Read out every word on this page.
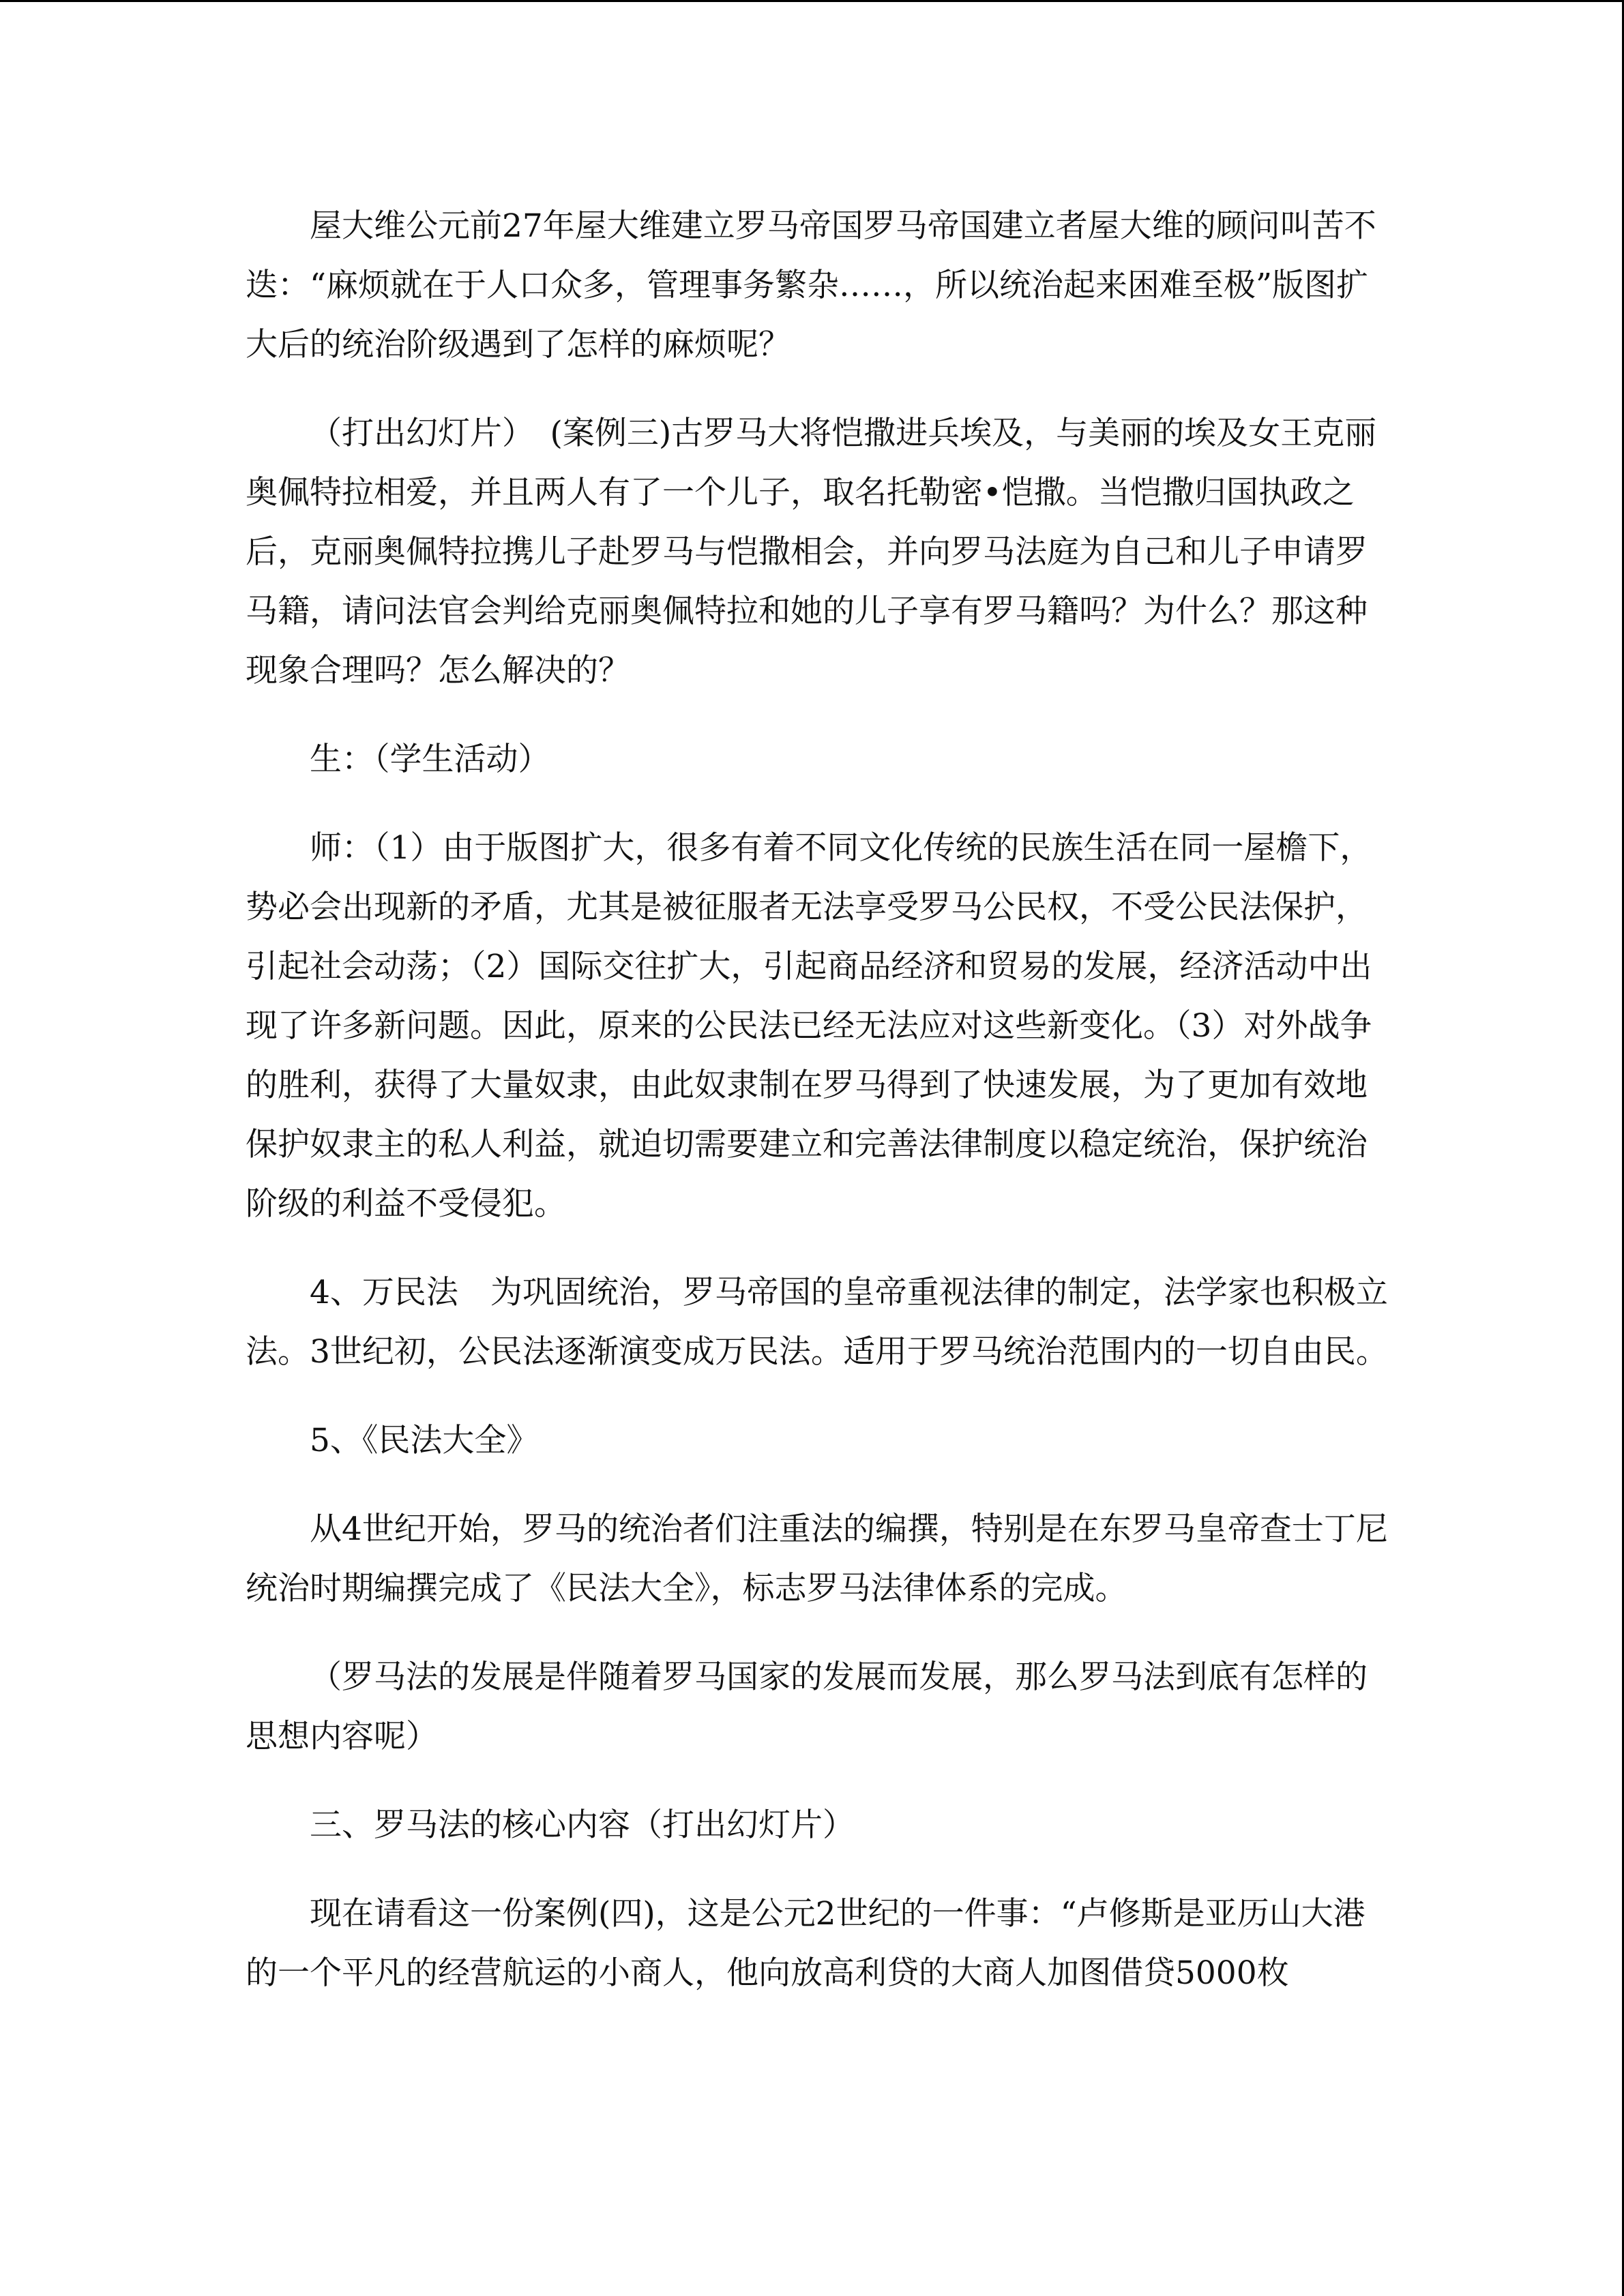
屋大维公元前27年屋大维建立罗马帝国罗马帝国建立者屋大维的顾问叫苦不迭：“麻烦就在于人口众多，管理事务繁杂……，所以统治起来困难至极”版图扩大后的统治阶级遇到了怎样的麻烦呢？

（打出幻灯片）　(案例三)古罗马大将恺撒进兵埃及，与美丽的埃及女王克丽奥佩特拉相爱，并且两人有了一个儿子，取名托勒密•恺撒。当恺撒归国执政之后，克丽奥佩特拉携儿子赴罗马与恺撒相会，并向罗马法庭为自己和儿子申请罗马籍，请问法官会判给克丽奥佩特拉和她的儿子享有罗马籍吗？为什么？那这种现象合理吗？怎么解决的？

生：（学生活动）

师：（1）由于版图扩大，很多有着不同文化传统的民族生活在同一屋檐下，势必会出现新的矛盾，尤其是被征服者无法享受罗马公民权，不受公民法保护，引起社会动荡；（2）国际交往扩大，引起商品经济和贸易的发展，经济活动中出现了许多新问题。因此，原来的公民法已经无法应对这些新变化。（3）对外战争的胜利，获得了大量奴隶，由此奴隶制在罗马得到了快速发展，为了更加有效地保护奴隶主的私人利益，就迫切需要建立和完善法律制度以稳定统治，保护统治阶级的利益不受侵犯。

4、万民法　为巩固统治，罗马帝国的皇帝重视法律的制定，法学家也积极立法。3世纪初，公民法逐渐演变成万民法。适用于罗马统治范围内的一切自由民。

5、《民法大全》

从4世纪开始，罗马的统治者们注重法的编撰，特别是在东罗马皇帝查士丁尼统治时期编撰完成了《民法大全》，标志罗马法律体系的完成。

（罗马法的发展是伴随着罗马国家的发展而发展，那么罗马法到底有怎样的思想内容呢）

三、罗马法的核心内容（打出幻灯片）

现在请看这一份案例(四)，这是公元2世纪的一件事：“卢修斯是亚历山大港的一个平凡的经营航运的小商人，他向放高利贷的大商人加图借贷5000枚
